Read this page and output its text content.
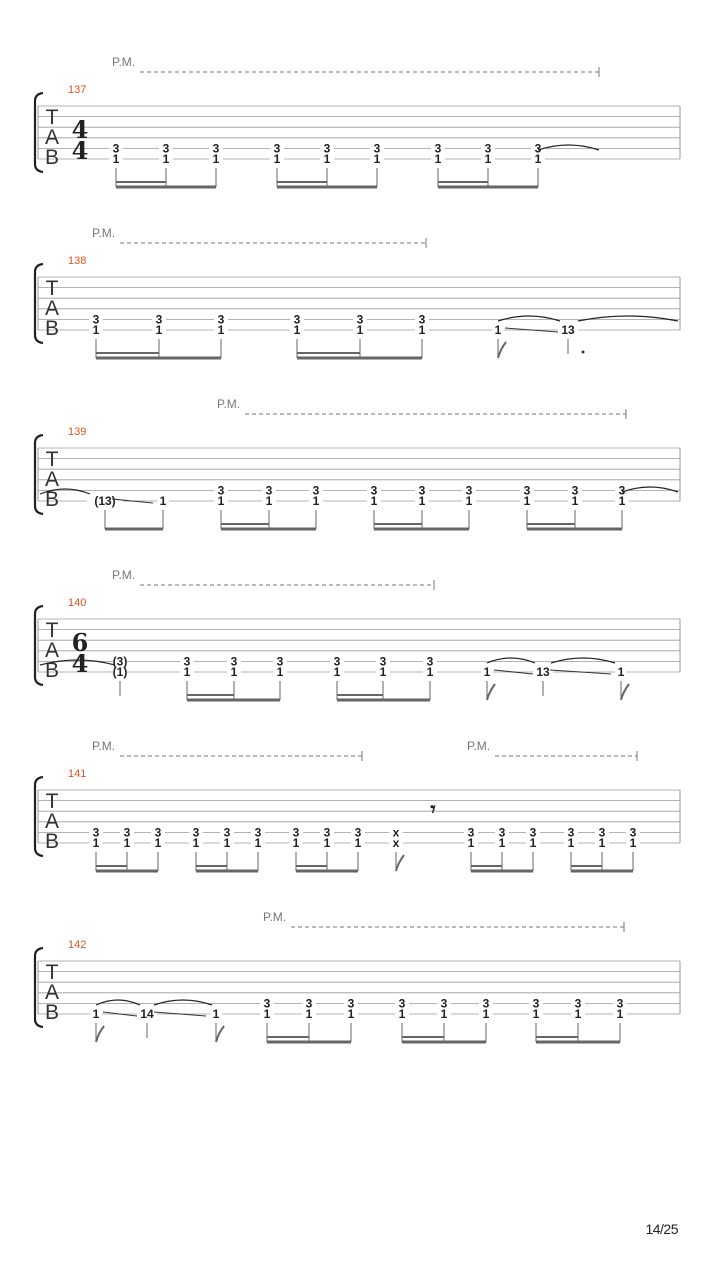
P.M.
137
T
A
B
4
4 3
1
3
1
3
1
3
1
3
1
3
1
3
1
3
1
3
1
P.M.
138
T
A
B	3
1
3
1
3
1
3
1
3
1
3
1	1	13
P.M.
139
T
A
B	(13)	1
3
1
3
1
3
1
3
1
3
1
3
1
3
1
3
1
3
1
P.M.
140
T
A
B
6
4 (3)
(1)
3
1
3
1
3
1
3
1
3
1
3
1	1	13	1
P.M.	P.M.
141
T
A
B	3
1
3
1
3
1
3
1
3
1
3
1
3
1
3
1
3
1
x
x
3
1
3
1
3
1
3
1
3
1
3
1
𝄾
P.M.
142
T
A
B	1	14	1
3
1
3
1
3
1
3
1
3
1
3
1
3
1
3
1
3
1
14/25
